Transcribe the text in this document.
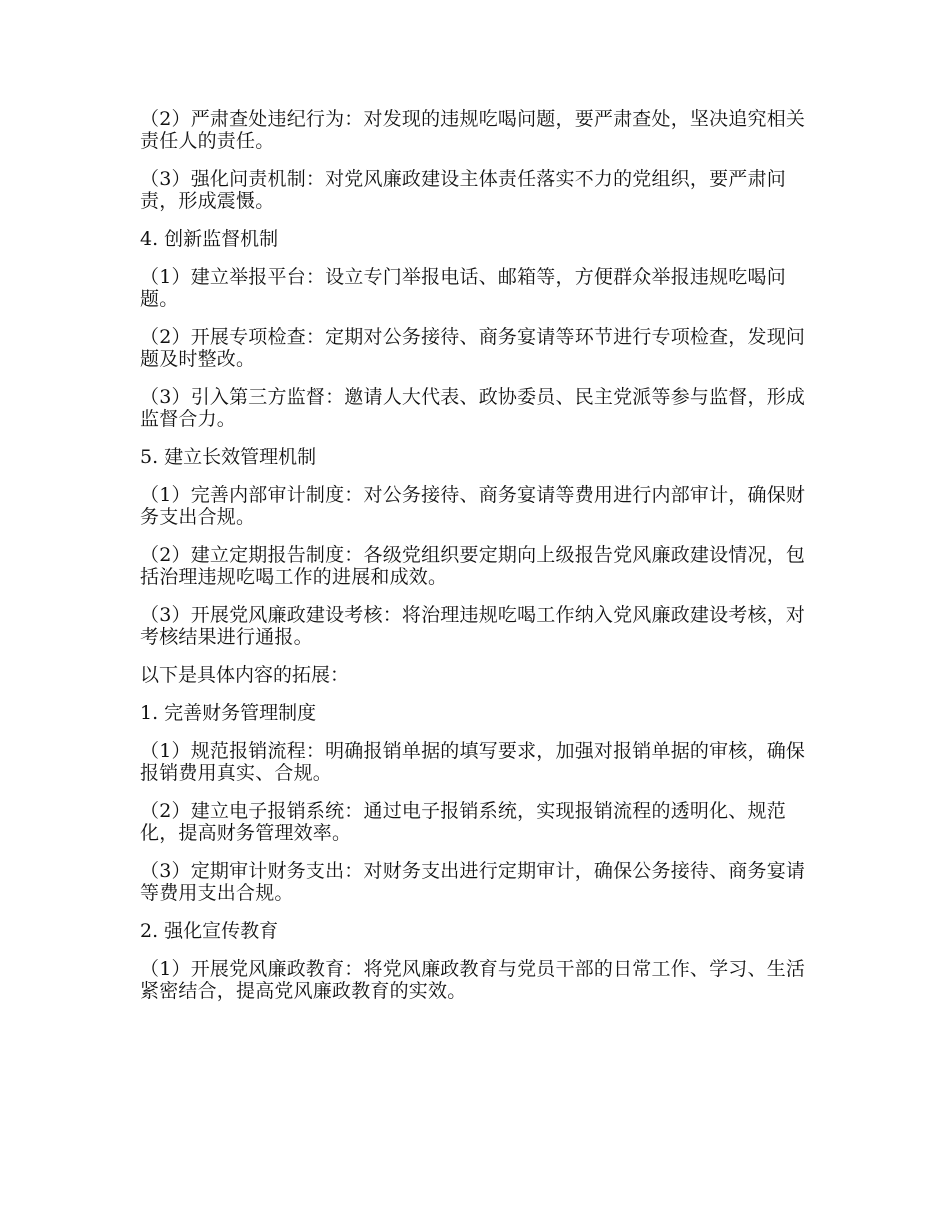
（2）严肃查处违纪行为：对发现的违规吃喝问题，要严肃查处，坚决追究相关责任人的责任。

（3）强化问责机制：对党风廉政建设主体责任落实不力的党组织，要严肃问责，形成震慑。

4. 创新监督机制

（1）建立举报平台：设立专门举报电话、邮箱等，方便群众举报违规吃喝问题。

（2）开展专项检查：定期对公务接待、商务宴请等环节进行专项检查，发现问题及时整改。

（3）引入第三方监督：邀请人大代表、政协委员、民主党派等参与监督，形成监督合力。

5. 建立长效管理机制

（1）完善内部审计制度：对公务接待、商务宴请等费用进行内部审计，确保财务支出合规。

（2）建立定期报告制度：各级党组织要定期向上级报告党风廉政建设情况，包括治理违规吃喝工作的进展和成效。

（3）开展党风廉政建设考核：将治理违规吃喝工作纳入党风廉政建设考核，对考核结果进行通报。

以下是具体内容的拓展：

1. 完善财务管理制度

（1）规范报销流程：明确报销单据的填写要求，加强对报销单据的审核，确保报销费用真实、合规。

（2）建立电子报销系统：通过电子报销系统，实现报销流程的透明化、规范化，提高财务管理效率。

（3）定期审计财务支出：对财务支出进行定期审计，确保公务接待、商务宴请等费用支出合规。

2. 强化宣传教育

（1）开展党风廉政教育：将党风廉政教育与党员干部的日常工作、学习、生活紧密结合，提高党风廉政教育的实效。
